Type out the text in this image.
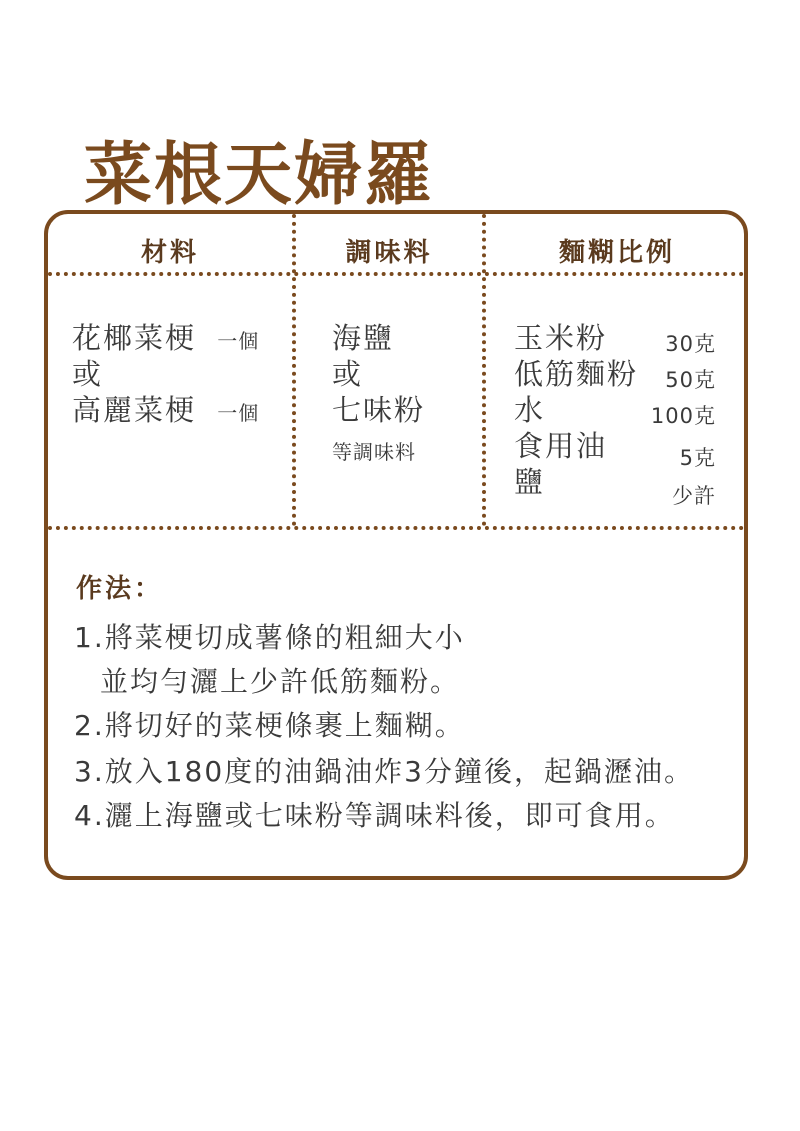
菜根天婦羅
材料	調味料	麵糊比例
花椰菜梗 一個
或
高麗菜梗 一個
海鹽
或
七味粉
等調味料
玉米粉
低筋麵粉
水
食用油
鹽
30克
50克
100克
5克
少許
作法：
1.將菜梗切成薯條的粗細大小
並均勻灑上少許低筋麵粉。
2.將切好的菜梗條裹上麵糊。
3.放入180度的油鍋油炸3分鐘後，起鍋瀝油。
4.灑上海鹽或七味粉等調味料後，即可食用。
